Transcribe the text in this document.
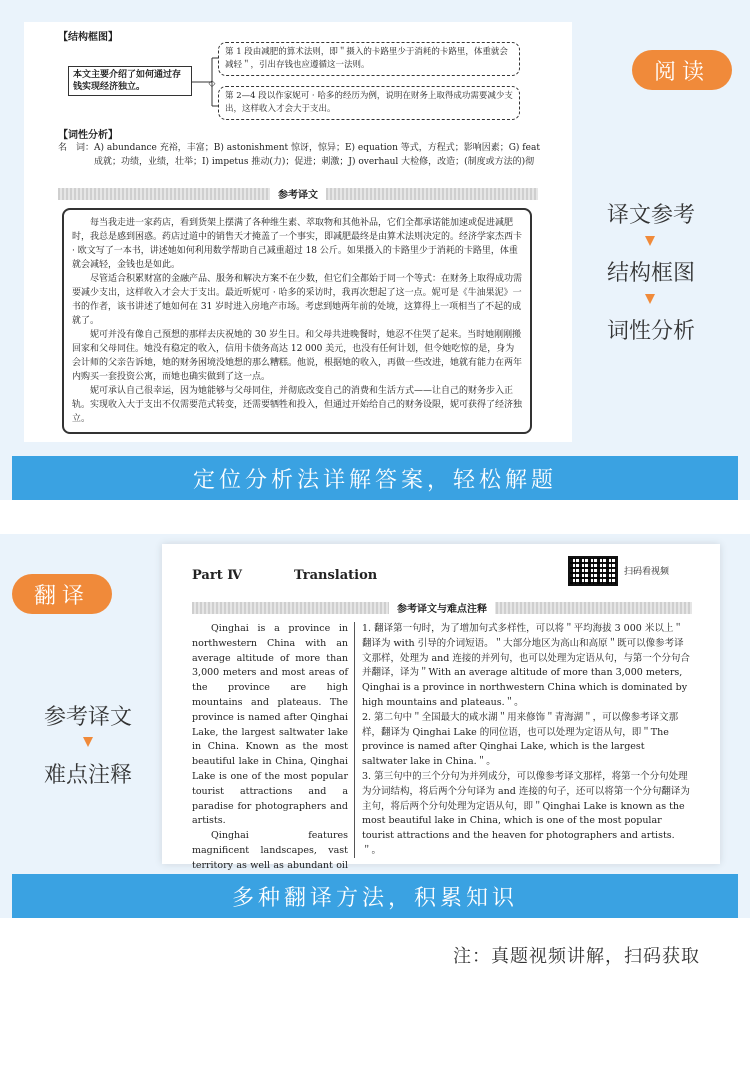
【结构框图】
本文主要介绍了如何通过存钱实现经济独立。	◇
第 1 段由减肥的算术法则，即＂摄入的卡路里少于消耗的卡路里，体重就会减轻＂，引出存钱也应遵循这一法则。
第 2—4 段以作家妮可 · 哈多的经历为例，说明在财务上取得成功需要减少支出，这样收入才会大于支出。
【词性分析】
名　词：A) abundance 充裕，丰富；B) astonishment 惊讶，惊异；E) equation 等式，方程式；影响因素；G) feat
　　　　成就；功绩，业绩，壮举；I) impetus 推动(力)；促进；刺激；J) overhaul 大检修，改造；(制度或方法的)彻
参考译文
每当我走进一家药店，看到货架上摆满了各种维生素、萃取物和其他补品，它们全都承诺能加速或促进减肥时，我总是感到困惑。药店过道中的销售天才掩盖了一个事实，即减肥最终是由算术法则决定的。经济学家杰西卡 · 欧文写了一本书，讲述她如何利用数学帮助自己减重超过 18 公斤。如果摄入的卡路里少于消耗的卡路里，体重就会减轻，金钱也是如此。
尽管适合积累财富的金融产品、服务和解决方案不在少数，但它们全都始于同一个等式：在财务上取得成功需要减少支出，这样收入才会大于支出。最近听妮可 · 哈多的采访时，我再次想起了这一点。妮可是《牛油果泥》一书的作者，该书讲述了她如何在 31 岁时进入房地产市场。考虑到她两年前的处境，这算得上一项相当了不起的成就了。
妮可并没有像自己预想的那样去庆祝她的 30 岁生日。和父母共进晚餐时，她忍不住哭了起来。当时她刚刚搬回家和父母同住。她没有稳定的收入，信用卡债务高达 12 000 美元，也没有任何计划，但令她吃惊的是，身为会计师的父亲告诉她，她的财务困境没她想的那么糟糕。他说，根据她的收入，再做一些改进，她就有能力在两年内购买一套投资公寓，而她也确实做到了这一点。
妮可承认自己很幸运，因为她能够与父母同住，并彻底改变自己的消费和生活方式——让自己的财务步入正轨。实现收入大于支出不仅需要范式转变，还需要牺牲和投入，但通过开始给自己的财务设限，妮可获得了经济独立。
阅读
译文参考
结构框图
词性分析
定位分析法详解答案，轻松解题
Part Ⅳ	Translation	扫码看视频
参考译文与难点注释
Qinghai is a province in northwestern China with an average altitude of more than 3,000 meters and most areas of the province are high mountains and plateaus. The province is named after Qinghai Lake, the largest saltwater lake in China. Known as the most beautiful lake in China, Qinghai Lake is one of the most popular tourist attractions and a paradise for photographers and artists.
Qinghai features magnificent landscapes, vast territory as well as abundant oil
1. 翻译第一句时，为了增加句式多样性，可以将＂平均海拔 3 000 米以上＂翻译为 with 引导的介词短语。＂大部分地区为高山和高原＂既可以像参考译文那样，处理为 and 连接的并列句，也可以处理为定语从句，与第一个分句合并翻译，译为＂With an average altitude of more than 3,000 meters, Qinghai is a province in northwestern China which is dominated by high mountains and plateaus.＂。
2. 第二句中＂全国最大的咸水湖＂用来修饰＂青海湖＂，可以像参考译文那样，翻译为 Qinghai Lake 的同位语，也可以处理为定语从句，即＂The province is named after Qinghai Lake, which is the largest saltwater lake in China.＂。
3. 第三句中的三个分句为并列成分，可以像参考译文那样，将第一个分句处理为分词结构，将后两个分句译为 and 连接的句子，还可以将第一个分句翻译为主句，将后两个分句处理为定语从句，即＂Qinghai Lake is known as the most beautiful lake in China, which is one of the most popular tourist attractions and the heaven for photographers and artists.＂。
翻译
参考译文
难点注释
多种翻译方法，积累知识
注：真题视频讲解，扫码获取
